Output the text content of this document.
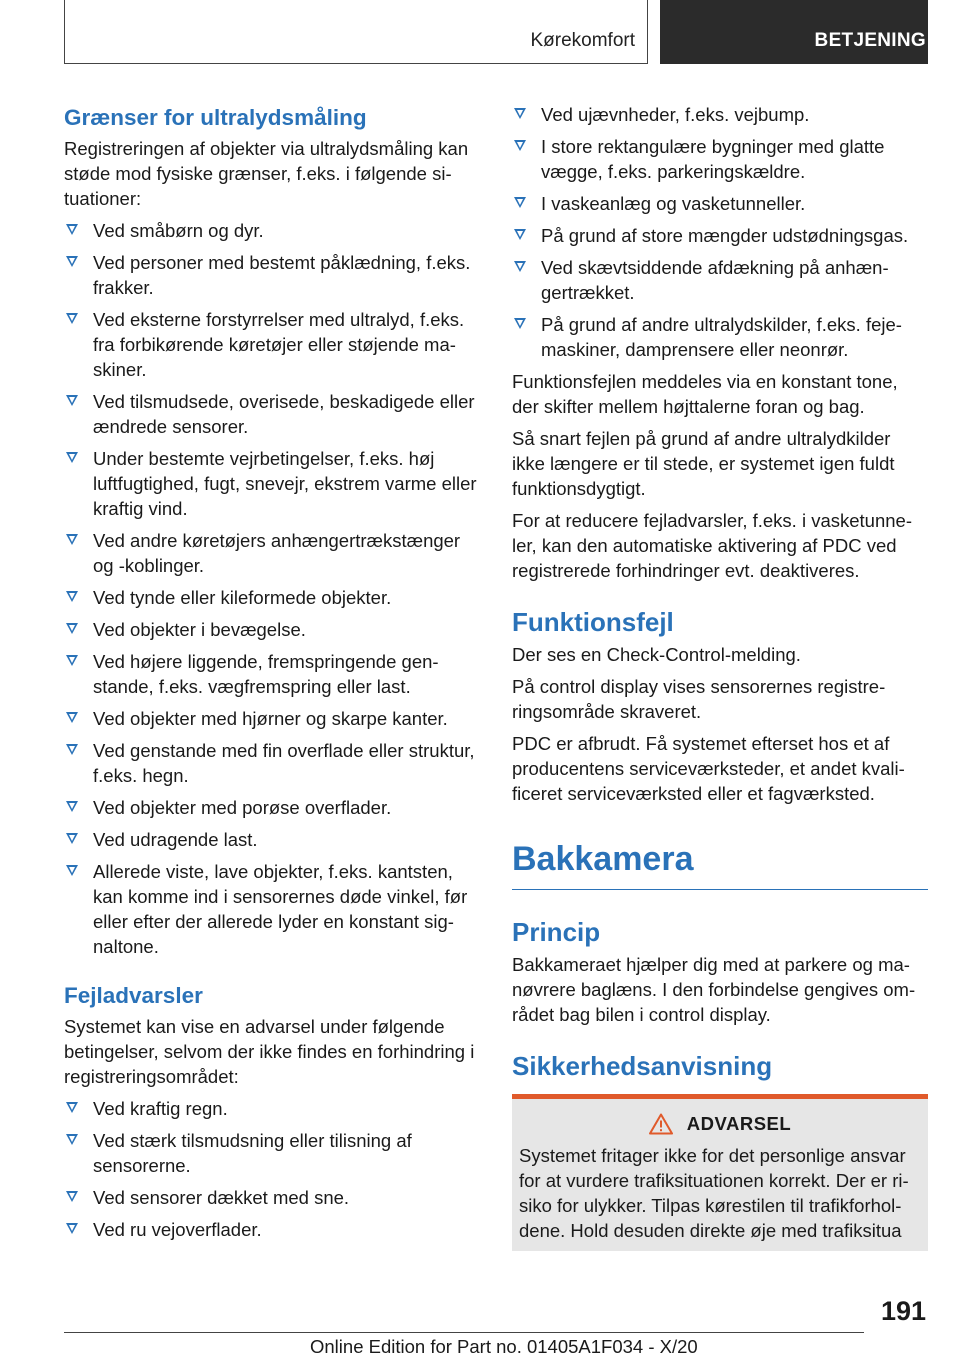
Kørekomfort	BETJENING
Grænser for ultralydsmåling

Registreringen af objekter via ultralydsmåling kan støde mod fysiske grænser, f.eks. i følgende situationer:

Ved småbørn og dyr.
Ved personer med bestemt påklædning, f.eks. frakker.
Ved eksterne forstyrrelser med ultralyd, f.eks. fra forbikørende køretøjer eller støjende maskiner.
Ved tilsmudsede, overisede, beskadigede eller ændrede sensorer.
Under bestemte vejrbetingelser, f.eks. høj luftfugtighed, fugt, snevejr, ekstrem varme eller kraftig vind.
Ved andre køretøjers anhængertrækstænger og -koblinger.
Ved tynde eller kileformede objekter.
Ved objekter i bevægelse.
Ved højere liggende, fremspringende genstande, f.eks. vægfremspring eller last.
Ved objekter med hjørner og skarpe kanter.
Ved genstande med fin overflade eller struktur, f.eks. hegn.
Ved objekter med porøse overflader.
Ved udragende last.
Allerede viste, lave objekter, f.eks. kantsten, kan komme ind i sensorernes døde vinkel, før eller efter der allerede lyder en konstant signaltone.
Fejladvarsler

Systemet kan vise en advarsel under følgende betingelser, selvom der ikke findes en forhindring i registreringsområdet:

Ved kraftig regn.
Ved stærk tilsmudsning eller tilisning af sensorerne.
Ved sensorer dækket med sne.
Ved ru vejoverflader.
Ved ujævnheder, f.eks. vejbump.
I store rektangulære bygninger med glatte vægge, f.eks. parkeringskældre.
I vaskeanlæg og vasketunneller.
På grund af store mængder udstødningsgas.
Ved skævtsiddende afdækning på anhængertrækket.
På grund af andre ultralydskilder, f.eks. fejemaskiner, damprensere eller neonrør.

Funktionsfejlen meddeles via en konstant tone, der skifter mellem højttalerne foran og bag.

Så snart fejlen på grund af andre ultralydkilder ikke længere er til stede, er systemet igen fuldt funktionsdygtigt.

For at reducere fejladvarsler, f.eks. i vasketunneler, kan den automatiske aktivering af PDC ved registrerede forhindringer evt. deaktiveres.

Funktionsfejl

Der ses en Check-Control-melding.

På control display vises sensorernes registreringsområde skraveret.

PDC er afbrudt. Få systemet efterset hos et af producentens serviceværksteder, et andet kvalificeret serviceværksted eller et fagværksted.

Bakkamera
Princip

Bakkameraet hjælper dig med at parkere og manøvrere baglæns. I den forbindelse gengives området bag bilen i control display.

Sikkerhedsanvisning
ADVARSEL

Systemet fritager ikke for det personlige ansvar for at vurdere trafiksituationen korrekt. Der er risiko for ulykker. Tilpas kørestilen til trafikforholdene. Hold desuden direkte øje med trafiksitua

191
Online Edition for Part no. 01405A1F034 - X/20
